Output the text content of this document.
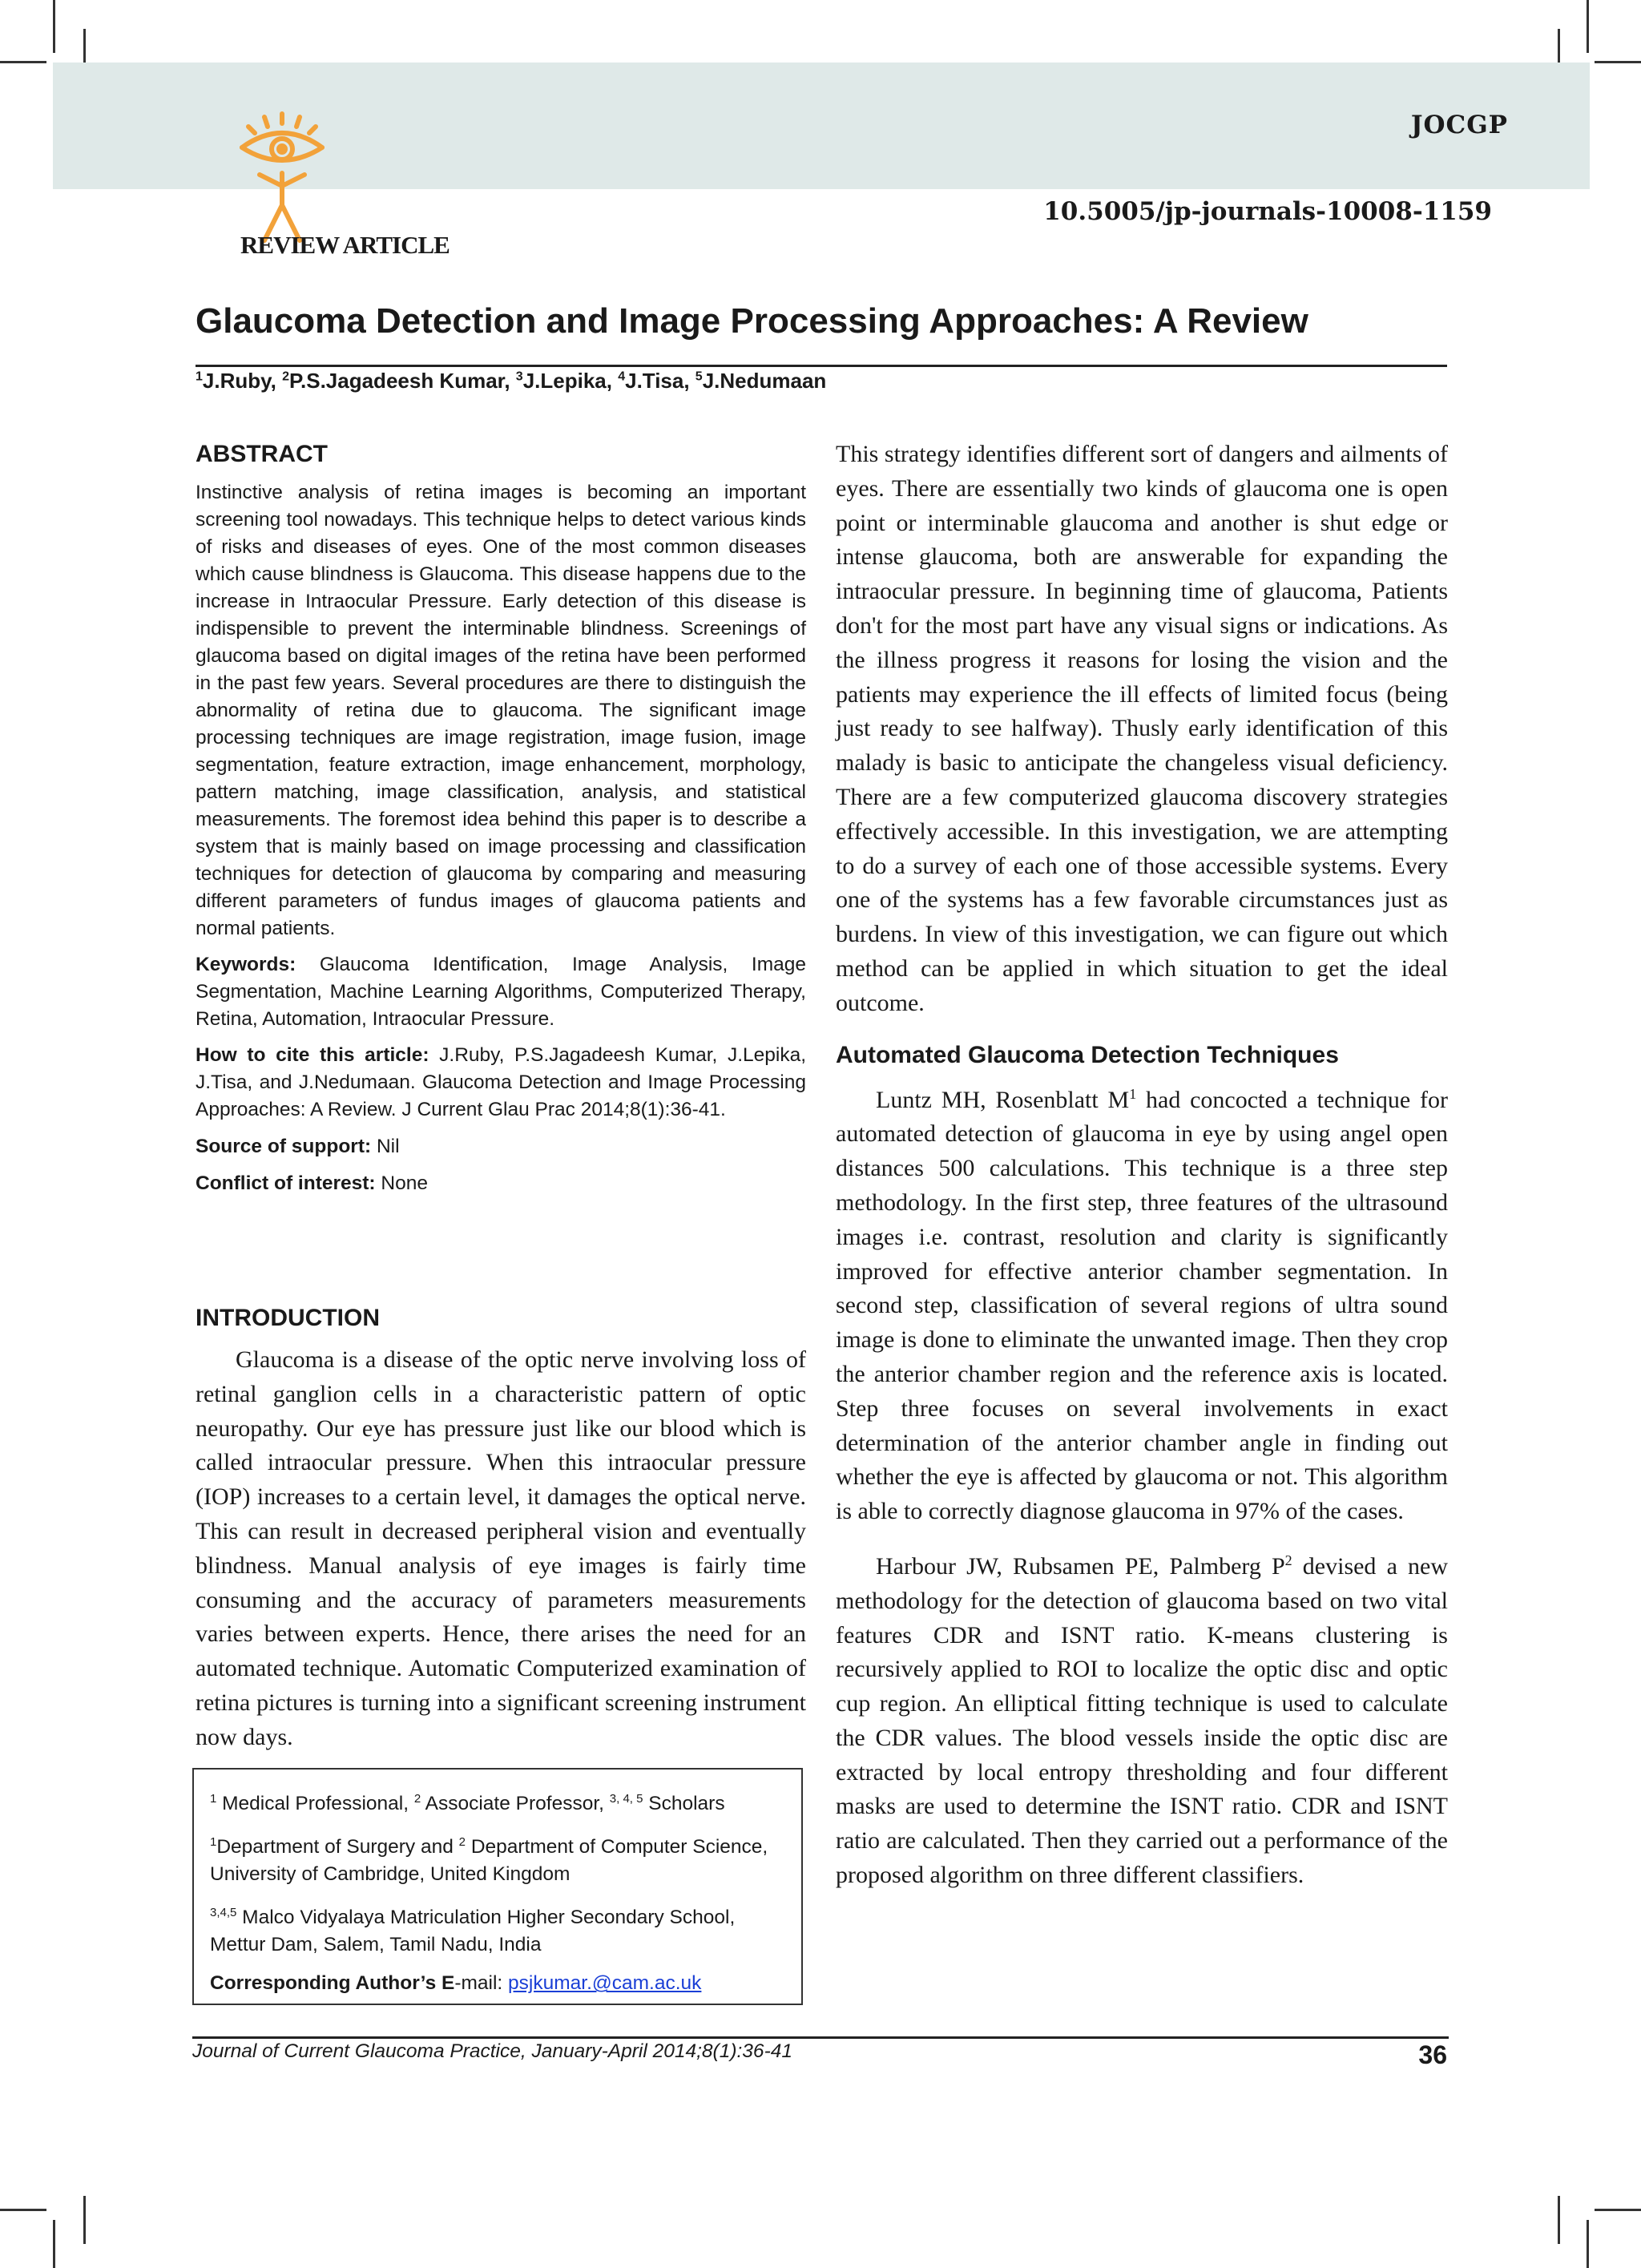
JOCGP
10.5005/jp-journals-10008-1159
REVIEW ARTICLE
Glaucoma Detection and Image Processing Approaches: A Review
$^1$J.Ruby, $^2$P.S.Jagadeesh Kumar, $^3$J.Lepika, $^4$J.Tisa, $^5$J.Nedumaan
ABSTRACT

Instinctive analysis of retina images is becoming an important screening tool nowadays. This technique helps to detect various kinds of risks and diseases of eyes. One of the most common diseases which cause blindness is Glaucoma. This disease happens due to the increase in Intraocular Pressure. Early detection of this disease is indispensible to prevent the interminable blindness. Screenings of glaucoma based on digital images of the retina have been performed in the past few years. Several procedures are there to distinguish the abnormality of retina due to glaucoma. The significant image processing techniques are image registration, image fusion, image segmentation, feature extraction, image enhancement, morphology, pattern matching, image classification, analysis, and statistical measurements. The foremost idea behind this paper is to describe a system that is mainly based on image processing and classification techniques for detection of glaucoma by comparing and measuring different parameters of fundus images of glaucoma patients and normal patients.

Keywords: Glaucoma Identification, Image Analysis, Image Segmentation, Machine Learning Algorithms, Computerized Therapy, Retina, Automation, Intraocular Pressure.

How to cite this article: J.Ruby, P.S.Jagadeesh Kumar, J.Lepika, J.Tisa, and J.Nedumaan. Glaucoma Detection and Image Processing Approaches: A Review. J Current Glau Prac 2014;8(1):36-41.

Source of support: Nil

Conflict of interest: None

INTRODUCTION

Glaucoma is a disease of the optic nerve involving loss of retinal ganglion cells in a characteristic pattern of optic neuropathy. Our eye has pressure just like our blood which is called intraocular pressure. When this intraocular pressure (IOP) increases to a certain level, it damages the optical nerve. This can result in decreased peripheral vision and eventually blindness. Manual analysis of eye images is fairly time consuming and the accuracy of parameters measurements varies between experts. Hence, there arises the need for an automated technique. Automatic Computerized examination of retina pictures is turning into a significant screening instrument now days.

$^1$ Medical Professional, $^2$ Associate Professor, $^{3, 4, 5}$ Scholars

$^1$Department of Surgery and $^2$ Department of Computer Science, University of Cambridge, United Kingdom

$^{3,4,5}$ Malco Vidyalaya Matriculation Higher Secondary School, Mettur Dam, Salem, Tamil Nadu, India

Corresponding Author’s E-mail: psjkumar.@cam.ac.uk

This strategy identifies different sort of dangers and ailments of eyes. There are essentially two kinds of glaucoma one is open point or interminable glaucoma and another is shut edge or intense glaucoma, both are answerable for expanding the intraocular pressure. In beginning time of glaucoma, Patients don't for the most part have any visual signs or indications. As the illness progress it reasons for losing the vision and the patients may experience the ill effects of limited focus (being just ready to see halfway). Thusly early identification of this malady is basic to anticipate the changeless visual deficiency. There are a few computerized glaucoma discovery strategies effectively accessible. In this investigation, we are attempting to do a survey of each one of those accessible systems. Every one of the systems has a few favorable circumstances just as burdens. In view of this investigation, we can figure out which method can be applied in which situation to get the ideal outcome.

Automated Glaucoma Detection Techniques

Luntz MH, Rosenblatt $M^1$ had concocted a technique for automated detection of glaucoma in eye by using angel open distances 500 calculations. This technique is a three step methodology. In the first step, three features of the ultrasound images i.e. contrast, resolution and clarity is significantly improved for effective anterior chamber segmentation. In second step, classification of several regions of ultra sound image is done to eliminate the unwanted image. Then they crop the anterior chamber region and the reference axis is located. Step three focuses on several involvements in exact determination of the anterior chamber angle in finding out whether the eye is affected by glaucoma or not. This algorithm is able to correctly diagnose glaucoma in 97% of the cases.

Harbour JW, Rubsamen PE, Palmberg $P^2$ devised a new methodology for the detection of glaucoma based on two vital features CDR and ISNT ratio. K-means clustering is recursively applied to ROI to localize the optic disc and optic cup region. An elliptical fitting technique is used to calculate the CDR values. The blood vessels inside the optic disc are extracted by local entropy thresholding and four different masks are used to determine the ISNT ratio. CDR and ISNT ratio are calculated. Then they carried out a performance of the proposed algorithm on three different classifiers.

Journal of Current Glaucoma Practice, January-April 2014;8(1):36-41	36
